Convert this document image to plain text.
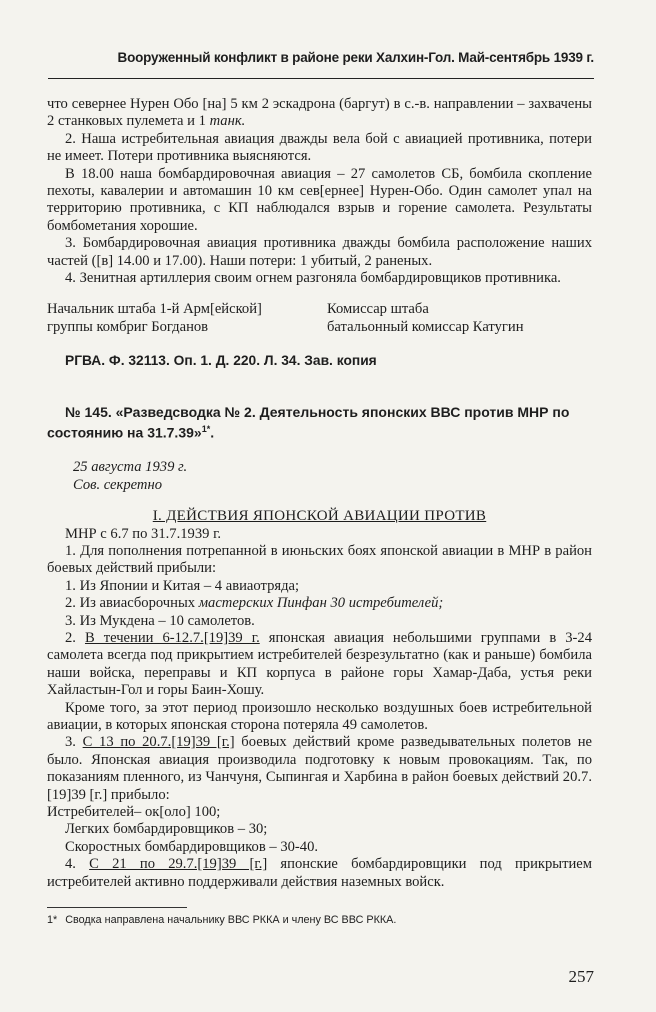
Вооруженный конфликт в районе реки Халхин-Гол. Май-сентябрь 1939 г.

что севернее Нурен Обо [на] 5 км 2 эскадрона (баргут) в с.-в. направлении – захвачены 2 станковых пулемета и 1 танк.

2. Наша истребительная авиация дважды вела бой с авиацией противника, потери не имеет. Потери противника выясняются.

В 18.00 наша бомбардировочная авиация – 27 самолетов СБ, бомбила скопление пехоты, кавалерии и автомашин 10 км сев[ернее] Нурен-Обо. Один самолет упал на территорию противника, с КП наблюдался взрыв и горение самолета. Результаты бомбометания хорошие.

3. Бомбардировочная авиация противника дважды бомбила расположение наших частей ([в] 14.00 и 17.00). Наши потери: 1 убитый, 2 раненых.

4. Зенитная артиллерия своим огнем разгоняла бомбардировщиков противника.

Начальник штаба 1-й Арм[ейской]
группы комбриг Богданов
Комиссар штаба
батальонный комиссар Катугин
РГВА. Ф. 32113. Оп. 1. Д. 220. Л. 34. Зав. копия
№ 145. «Разведсводка № 2. Деятельность японских ВВС против МНР по состоянию на 31.7.39»$^{1*}$.
25 августа 1939 г.
Сов. секретно
I. ДЕЙСТВИЯ ЯПОНСКОЙ АВИАЦИИ ПРОТИВ

МНР с 6.7 по 31.7.1939 г.

1. Для пополнения потрепанной в июньских боях японской авиации в МНР в район боевых действий прибыли:

1. Из Японии и Китая – 4 авиаотряда;

2. Из авиасборочных мастерских Пинфан 30 истребителей;

3. Из Мукдена – 10 самолетов.

2. В течении 6-12.7.[19]39 г. японская авиация небольшими группами в 3-24 самолета всегда под прикрытием истребителей безрезультатно (как и раньше) бомбила наши войска, переправы и КП корпуса в районе горы Хамар-Даба, устья реки Хайластын-Гол и горы Баин-Хошу.

Кроме того, за этот период произошло несколько воздушных боев истребительной авиации, в которых японская сторона потеряла 49 самолетов.

3. С 13 по 20.7.[19]39 [г.] боевых действий кроме разведывательных полетов не было. Японская авиация производила подготовку к новым провокациям. Так, по показаниям пленного, из Чанчуня, Сыпингая и Харбина в район боевых действий 20.7.[19]39 [г.] прибыло:

Истребителей– ок[оло] 100;

Легких бомбардировщиков – 30;

Скоростных бомбардировщиков – 30-40.

4. С 21 по 29.7.[19]39 [г.] японские бомбардировщики под прикрытием истребителей активно поддерживали действия наземных войск.

1* Сводка направлена начальнику ВВС РККА и члену ВС ВВС РККА.
257
